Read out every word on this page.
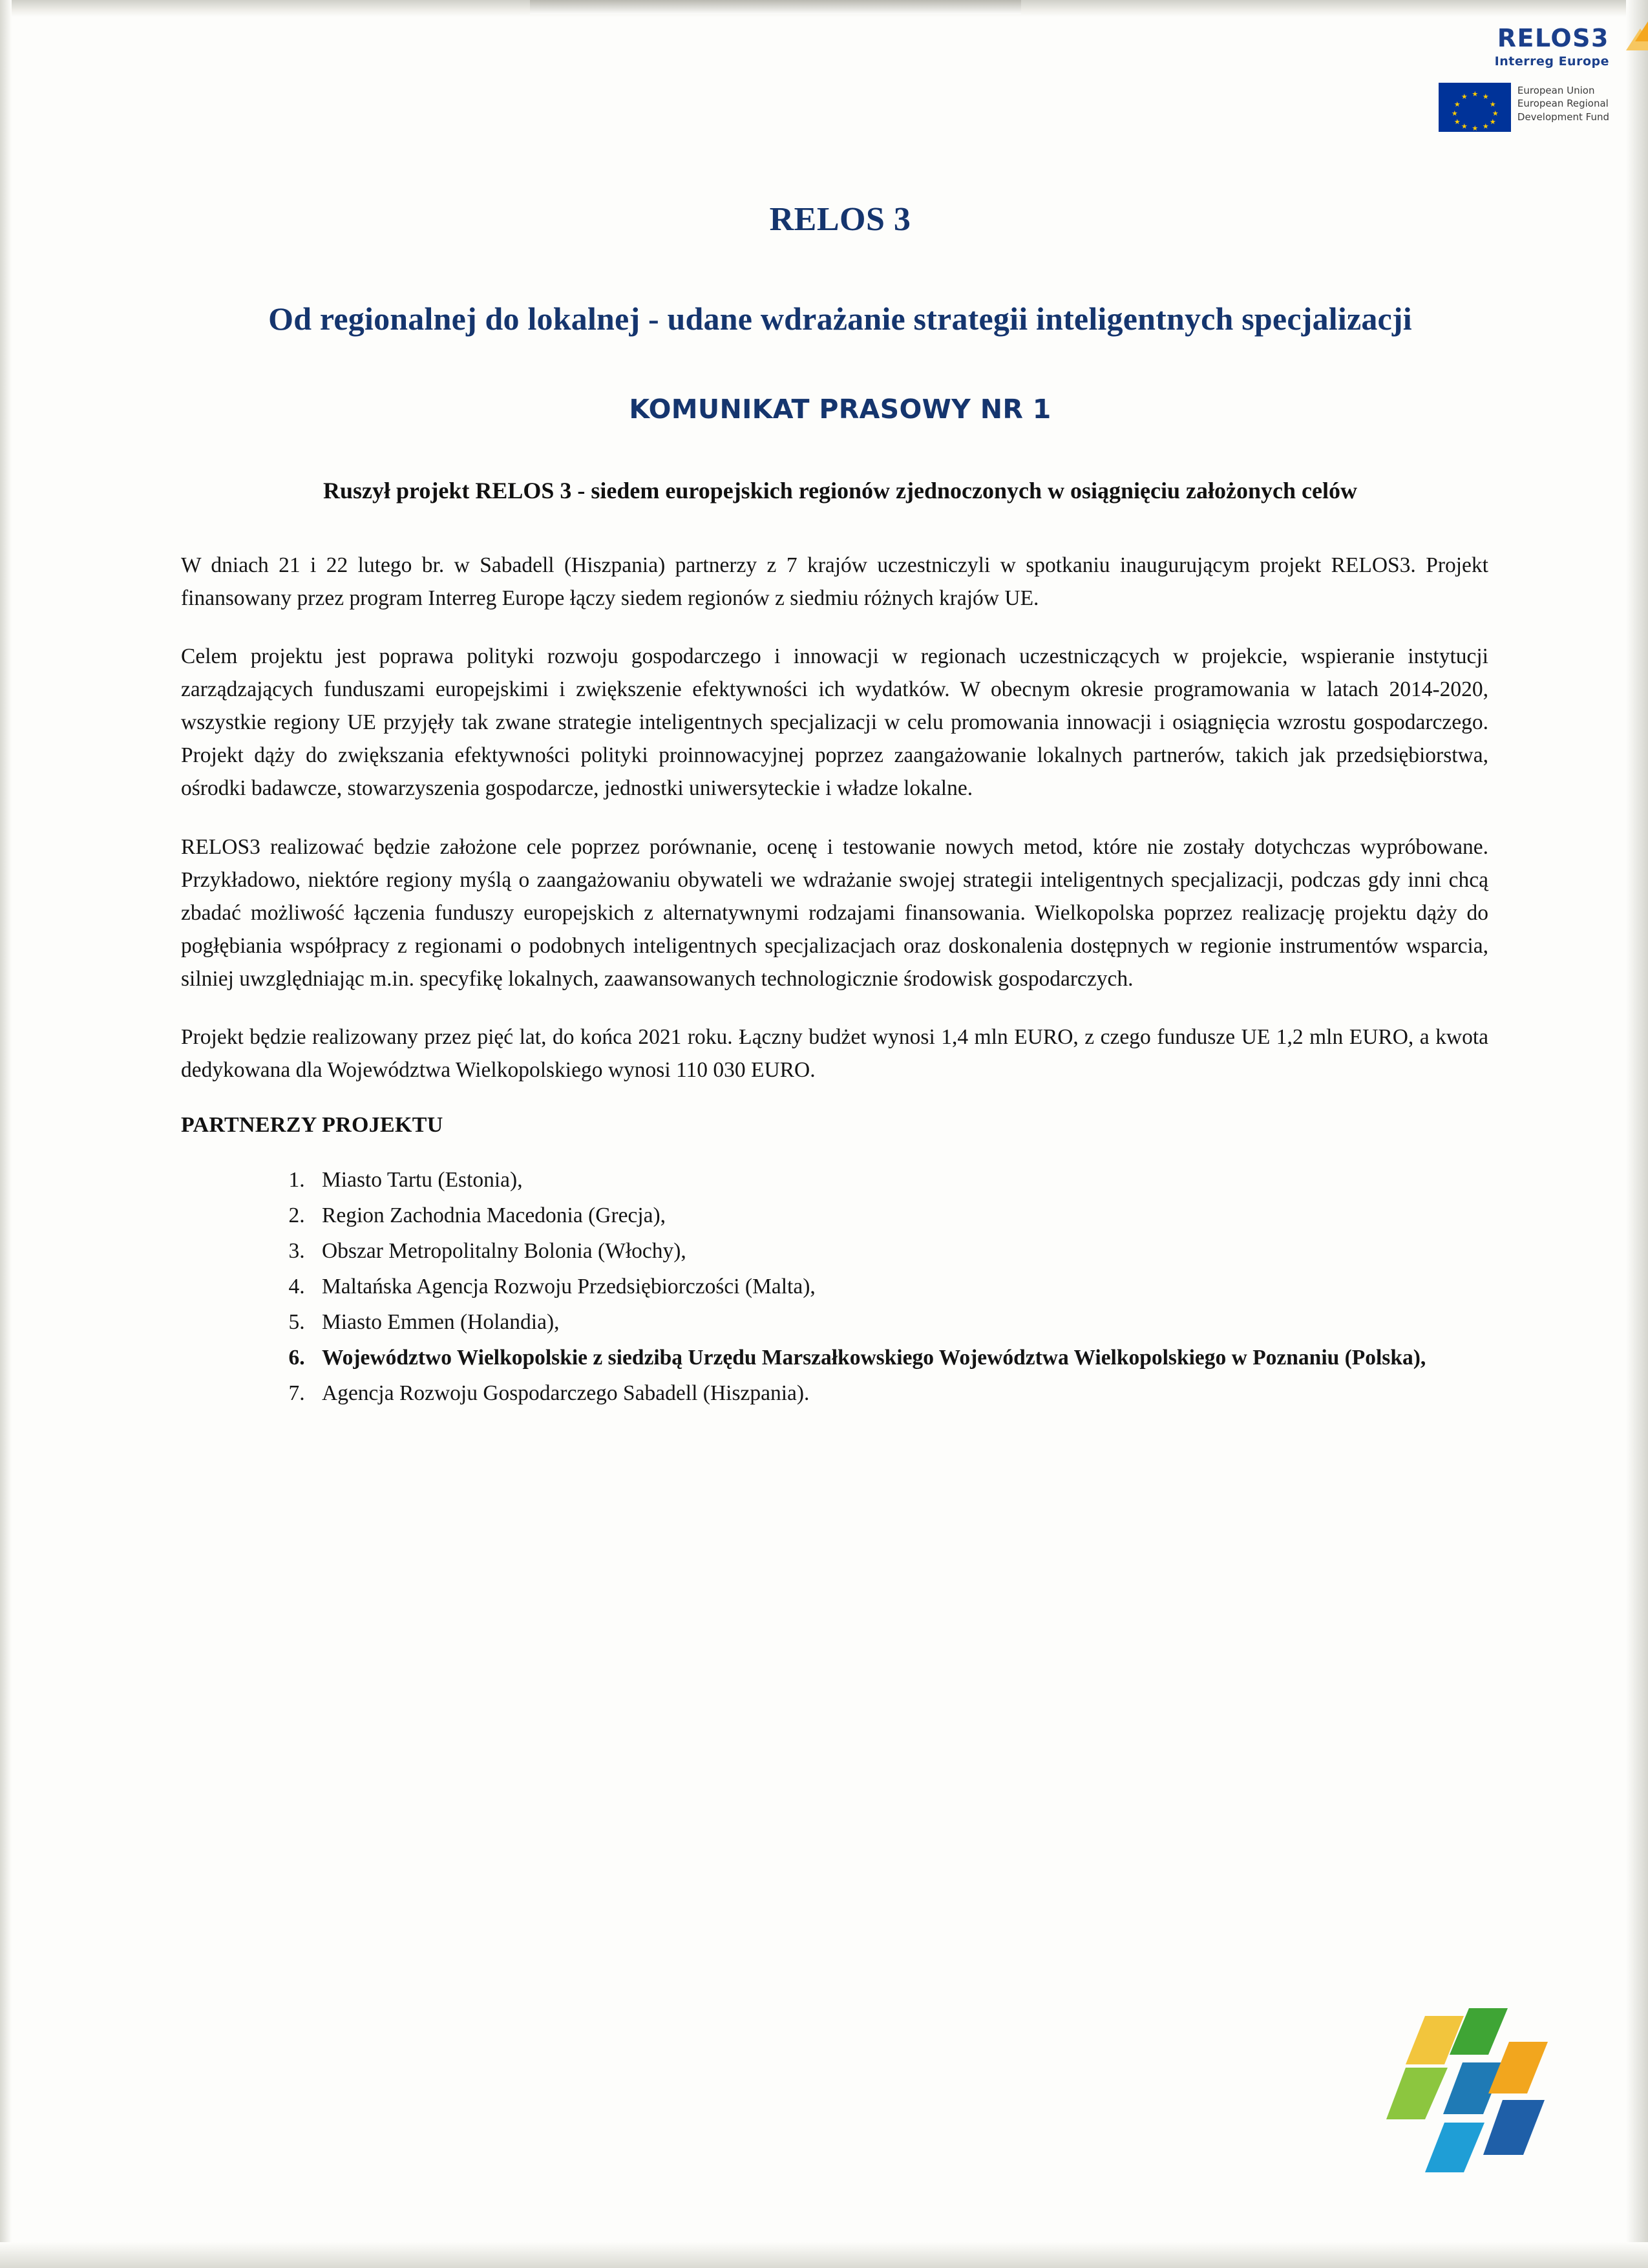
RELOS3
Interreg Europe
★ ★
★
★
★
★
★
★
★
★
★
★
European Union
European Regional
Development Fund
RELOS 3
Od regionalnej do lokalnej - udane wdrażanie strategii inteligentnych specjalizacji
KOMUNIKAT PRASOWY NR 1
Ruszył projekt RELOS 3 - siedem europejskich regionów zjednoczonych w osiągnięciu założonych celów

W dniach 21 i 22 lutego br. w Sabadell (Hiszpania) partnerzy z 7 krajów uczestniczyli w spotkaniu inaugurującym projekt RELOS3. Projekt finansowany przez program Interreg Europe łączy siedem regionów z siedmiu różnych krajów UE.

Celem projektu jest poprawa polityki rozwoju gospodarczego i innowacji w regionach uczestniczących w projekcie, wspieranie instytucji zarządzających funduszami europejskimi i zwiększenie efektywności ich wydatków. W obecnym okresie programowania w latach 2014-2020, wszystkie regiony UE przyjęły tak zwane strategie inteligentnych specjalizacji w celu promowania innowacji i osiągnięcia wzrostu gospodarczego. Projekt dąży do zwiększania efektywności polityki proinnowacyjnej poprzez zaangażowanie lokalnych partnerów, takich jak przedsiębiorstwa, ośrodki badawcze, stowarzyszenia gospodarcze, jednostki uniwersyteckie i władze lokalne.

RELOS3 realizować będzie założone cele poprzez porównanie, ocenę i testowanie nowych metod, które nie zostały dotychczas wypróbowane. Przykładowo, niektóre regiony myślą o zaangażowaniu obywateli we wdrażanie swojej strategii inteligentnych specjalizacji, podczas gdy inni chcą zbadać możliwość łączenia funduszy europejskich z alternatywnymi rodzajami finansowania. Wielkopolska poprzez realizację projektu dąży do pogłębiania współpracy z regionami o podobnych inteligentnych specjalizacjach oraz doskonalenia dostępnych w regionie instrumentów wsparcia, silniej uwzględniając m.in. specyfikę lokalnych, zaawansowanych technologicznie środowisk gospodarczych.

Projekt będzie realizowany przez pięć lat, do końca 2021 roku. Łączny budżet wynosi 1,4 mln EURO, z czego fundusze UE 1,2 mln EURO, a kwota dedykowana dla Województwa Wielkopolskiego wynosi 110 030 EURO.

PARTNERZY PROJEKTU

1. Miasto Tartu (Estonia),
2. Region Zachodnia Macedonia (Grecja),
3. Obszar Metropolitalny Bolonia (Włochy),
4. Maltańska Agencja Rozwoju Przedsiębiorczości (Malta),
5. Miasto Emmen (Holandia),
6. Województwo Wielkopolskie z siedzibą Urzędu Marszałkowskiego Województwa Wielkopolskiego w Poznaniu (Polska),
7. Agencja Rozwoju Gospodarczego Sabadell (Hiszpania).
